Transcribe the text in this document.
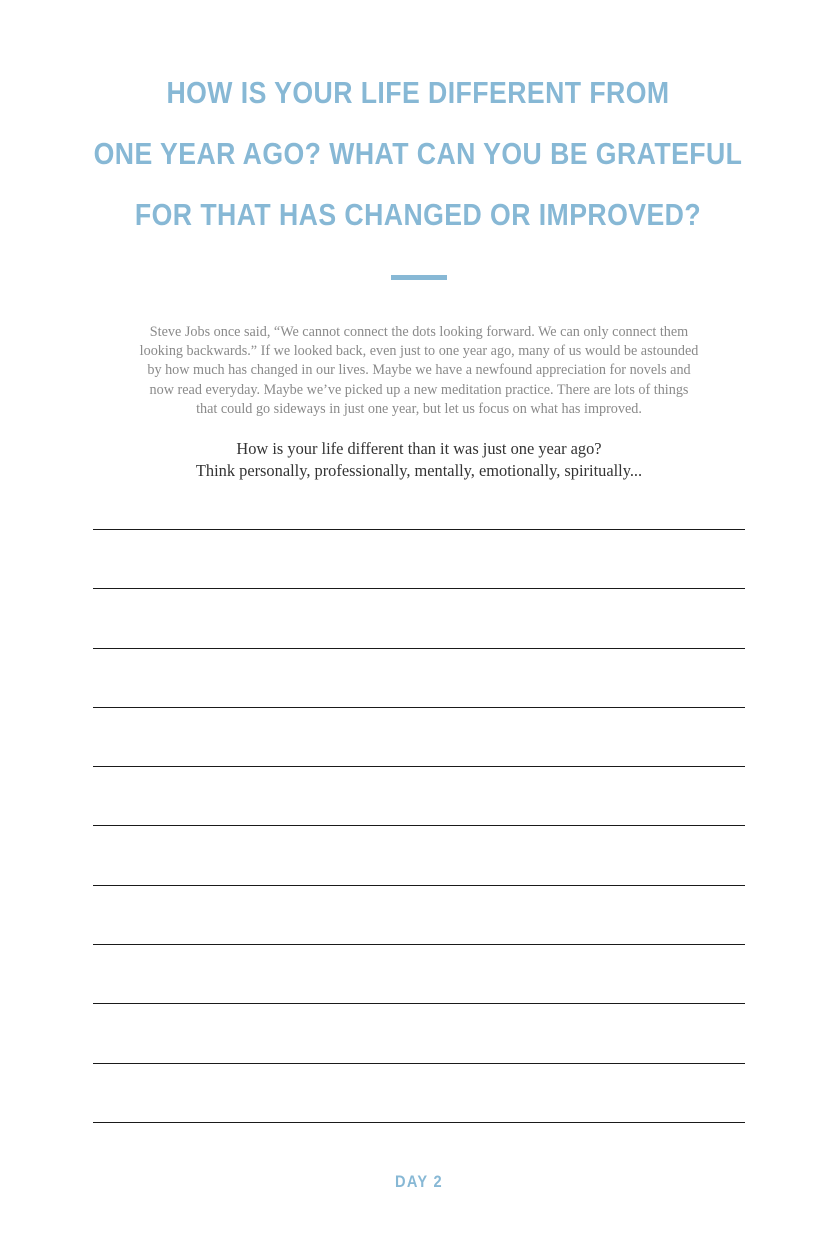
HOW IS YOUR LIFE DIFFERENT FROM
ONE YEAR AGO? WHAT CAN YOU BE GRATEFUL
FOR THAT HAS CHANGED OR IMPROVED?
Steve Jobs once said, “We cannot connect the dots looking forward. We can only connect them
looking backwards.” If we looked back, even just to one year ago, many of us would be astounded
by how much has changed in our lives. Maybe we have a newfound appreciation for novels and
now read everyday. Maybe we’ve picked up a new meditation practice. There are lots of things
that could go sideways in just one year, but let us focus on what has improved.
How is your life different than it was just one year ago?
Think personally, professionally, mentally, emotionally, spiritually...
DAY 2
